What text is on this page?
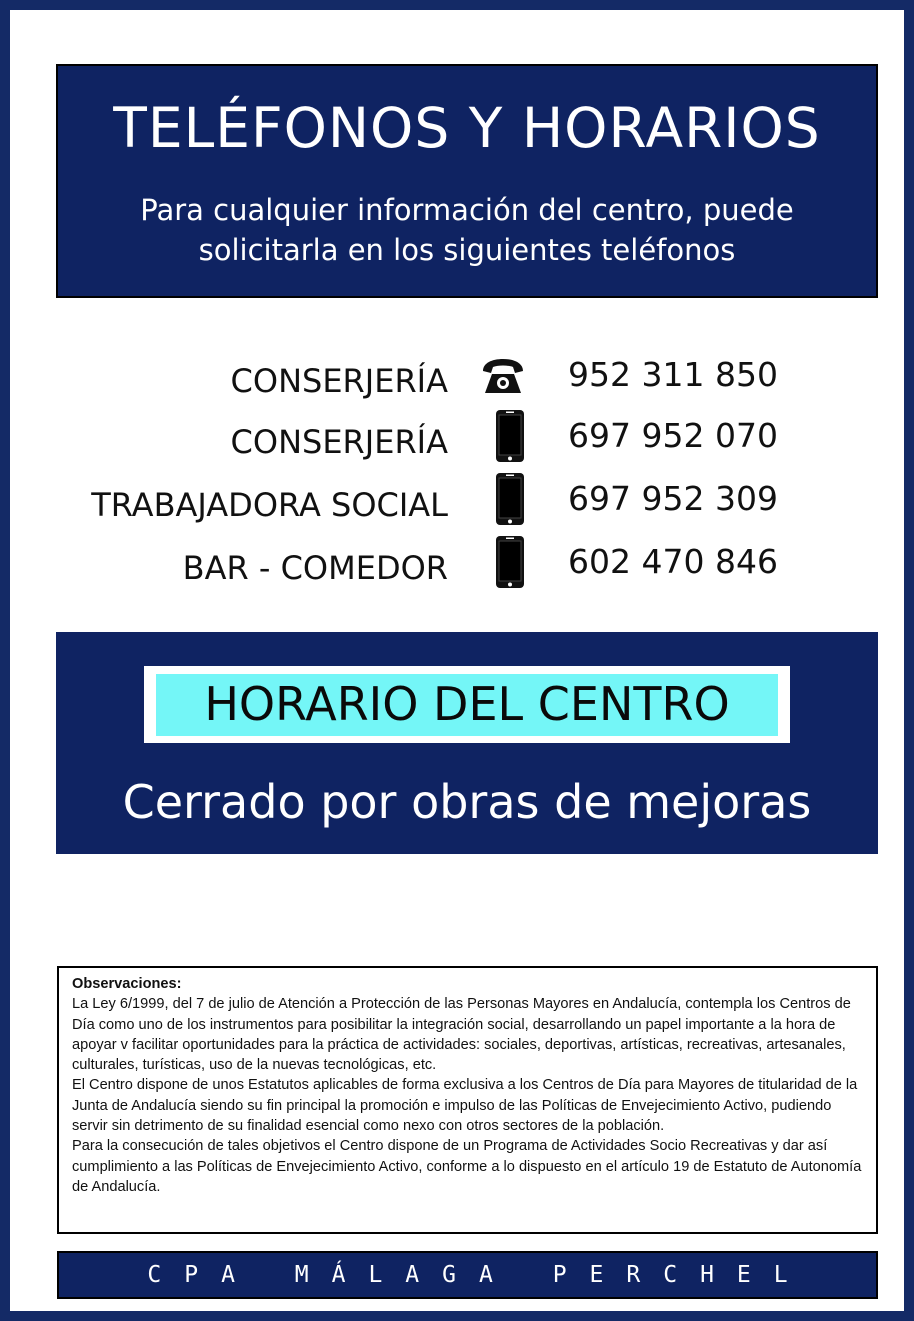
TELÉFONOS Y HORARIOS
Para cualquier información del centro, puede
solicitarla en los siguientes teléfonos
CONSERJERÍA	952 311 850
CONSERJERÍA	697 952 070
TRABAJADORA SOCIAL	697 952 309
BAR - COMEDOR	602 470 846
HORARIO DEL CENTRO
Cerrado por obras de mejoras
Observaciones:

La Ley 6/1999, del 7 de julio de Atención a Protección de las Personas Mayores en Andalucía, contempla los Centros de Día como uno de los instrumentos para posibilitar la integración social, desarrollando un papel importante a la hora de apoyar v facilitar oportunidades para la práctica de actividades: sociales, deportivas, artísticas, recreativas, artesanales, culturales, turísticas, uso de la nuevas tecnológicas, etc.

El Centro dispone de unos Estatutos aplicables de forma exclusiva a los Centros de Día para Mayores de titularidad de la Junta de Andalucía siendo su fin principal la promoción e impulso de las Políticas de Envejecimiento Activo, pudiendo servir sin detrimento de su finalidad esencial como nexo con otros sectores de la población.

Para la consecución de tales objetivos el Centro dispone de un Programa de Actividades Socio Recreativas y dar así cumplimiento a las Políticas de Envejecimiento Activo, conforme a lo dispuesto en el artículo 19 de Estatuto de Autonomía de Andalucía.

CPA MÁLAGA PERCHEL
